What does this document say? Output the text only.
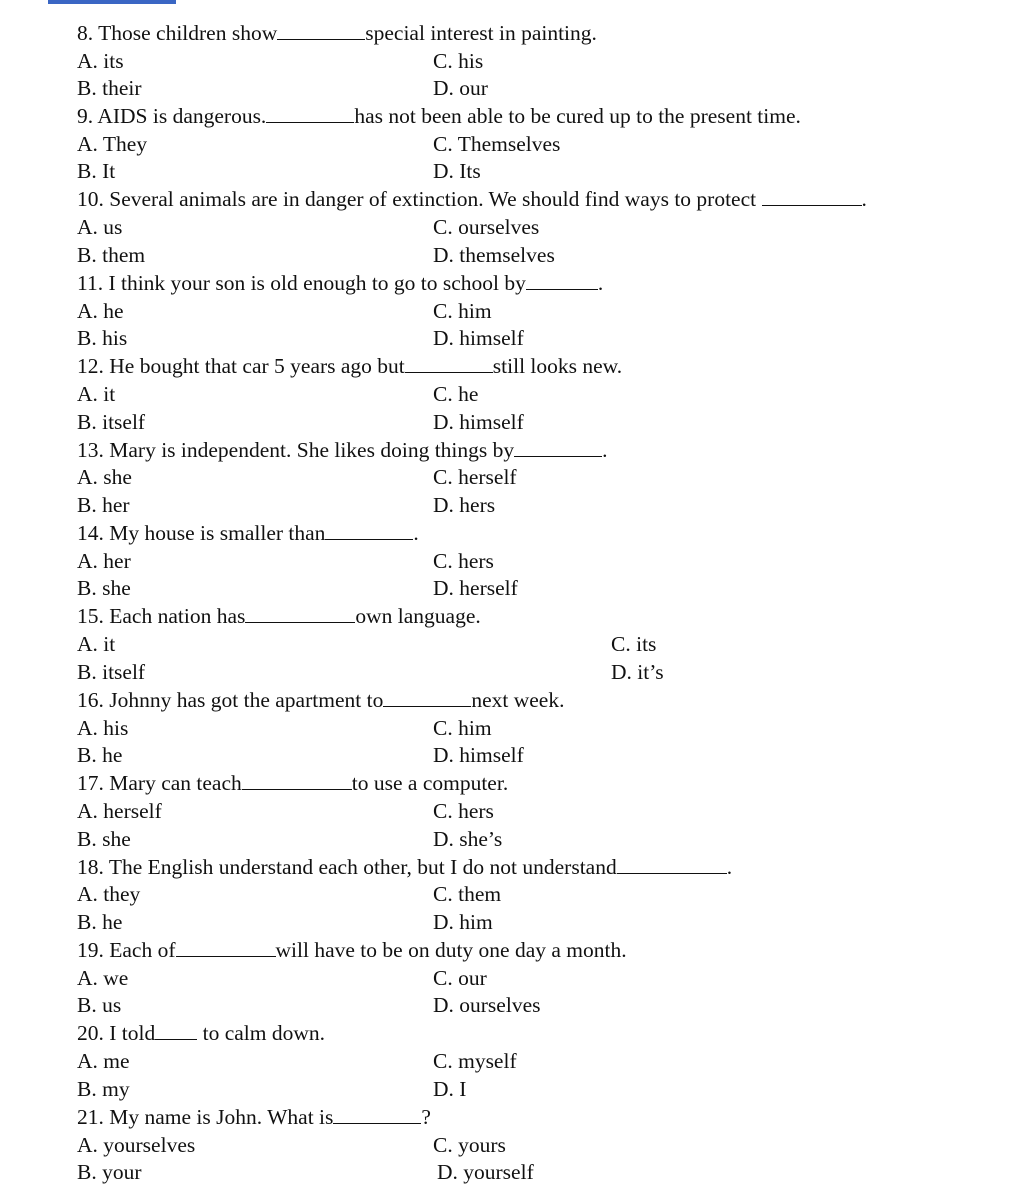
8. Those children show	special interest in painting.
A. its	C. his
B. their	D. our
9. AIDS is dangerous.	has not been able to be cured up to the present time.
A. They	C. Themselves
B. It	D. Its
10. Several animals are in danger of extinction. We should find ways to protect	.
A. us	C. ourselves
B. them	D. themselves
11. I think your son is old enough to go to school by	.
A. he	C. him
B. his	D. himself
12. He bought that car 5 years ago but	still looks new.
A. it	C. he
B. itself	D. himself
13. Mary is independent. She likes doing things by	.
A. she	C. herself
B. her	D. hers
14. My house is smaller than	.
A. her	C. hers
B. she	D. herself
15. Each nation has	own language.
A. it	C. its
B. itself	D. it’s
16. Johnny has got the apartment to	next week.
A. his	C. him
B. he	D. himself
17. Mary can teach	to use a computer.
A. herself	C. hers
B. she	D. she’s
18. The English understand each other, but I do not understand	.
A. they	C. them
B. he	D. him
19. Each of	will have to be on duty one day a month.
A. we	C. our
B. us	D. ourselves
20. I told to calm down.
A. me	C. myself
B. my	D. I
21. My name is John. What is	?
A. yourselves	C. yours
B. your	D. yourself
